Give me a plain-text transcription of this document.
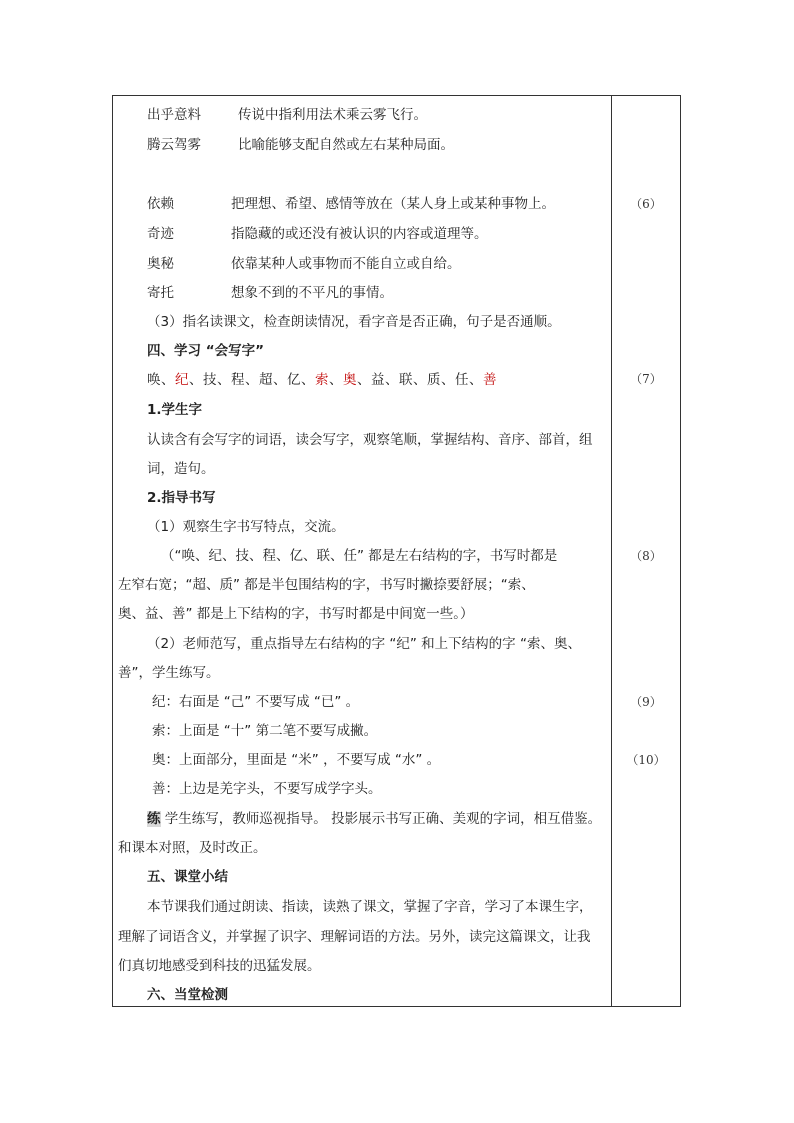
出乎意料	传说中指利用法术乘云雾飞行。
腾云驾雾	比喻能够支配自然或左右某种局面。
依赖	把理想、希望、感情等放在（某人身上或某种事物上。
奇迹	指隐藏的或还没有被认识的内容或道理等。
奥秘	依靠某种人或事物而不能自立或自给。
寄托	想象不到的不平凡的事情。
（3）指名读课文，检查朗读情况，看字音是否正确，句子是否通顺。
四、学习 “会写字”
唤、纪、技、程、超、亿、索、奥、益、联、质、任、善
1.学生字
认读含有会写字的词语，读会写字，观察笔顺，掌握结构、音序、部首，组
词，造句。
2.指导书写
（1）观察生字书写特点，交流。
（“唤、纪、技、程、亿、联、任” 都是左右结构的字，书写时都是
左窄右宽；“超、质” 都是半包围结构的字，书写时撇捺要舒展；“索、
奥、益、善” 都是上下结构的字，书写时都是中间宽一些。）
（2）老师范写，重点指导左右结构的字 “纪” 和上下结构的字 “索、奥、
善”，学生练写。
纪：右面是 “己” 不要写成 “已” 。
索：上面是 “十” 第二笔不要写成撇。
奥：上面部分，里面是 “米” ，不要写成 “水” 。
善：上边是羌字头，不要写成学字头。
练 学生练写，教师巡视指导。 投影展示书写正确、美观的字词，相互借鉴。
和课本对照，及时改正。
五、课堂小结
本节课我们通过朗读、指读，读熟了课文，掌握了字音，学习了本课生字，
理解了词语含义，并掌握了识字、理解词语的方法。另外，读完这篇课文，让我
们真切地感受到科技的迅猛发展。
六、当堂检测
（6）
（7）
（8）
（9）
（10）
